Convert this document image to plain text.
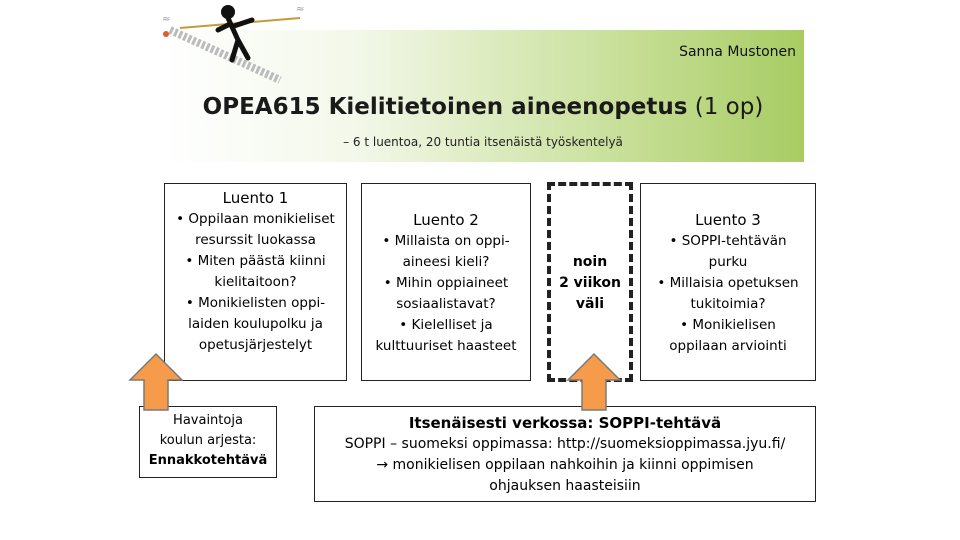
Sanna Mustonen
OPEA615 Kielitietoinen aineenopetus (1 op)
– 6 t luentoa, 20 tuntia itsenäistä työskentelyä
≈
≈
Luento 1
• Oppilaan monikieliset
resurssit luokassa
• Miten päästä kiinni
kielitaitoon?
• Monikielisten oppi-
laiden koulupolku ja
opetusjärjestelyt
Luento 2
• Millaista on oppi-
aineesi kieli?
• Mihin oppiaineet
sosiaalistavat?
• Kielelliset ja
kulttuuriset haasteet
noin
2 viikon
väli
Luento 3
• SOPPI-tehtävän
purku
• Millaisia opetuksen
tukitoimia?
• Monikielisen
oppilaan arviointi
Havaintoja
koulun arjesta:
Ennakkotehtävä
Itsenäisesti verkossa: SOPPI-tehtävä
SOPPI – suomeksi oppimassa: http://suomeksioppimassa.jyu.fi/
→ monikielisen oppilaan nahkoihin ja kiinni oppimisen
ohjauksen haasteisiin
